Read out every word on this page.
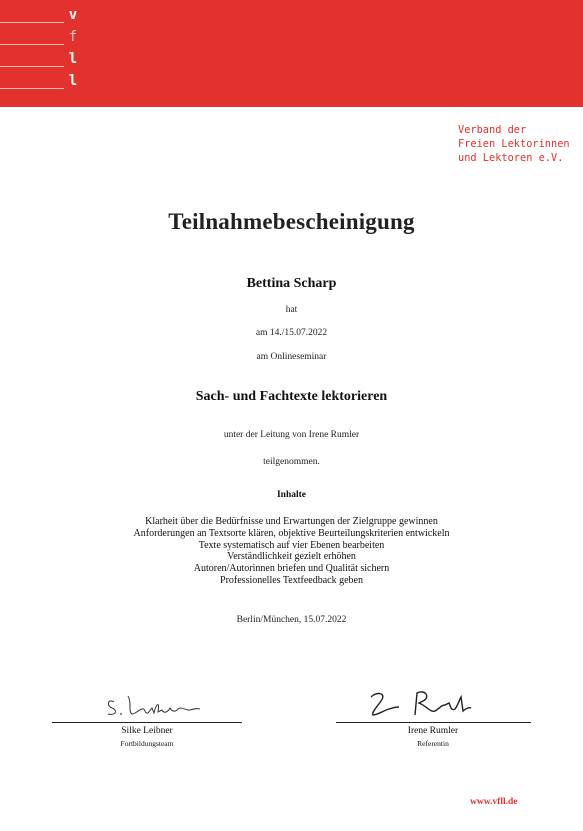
v
f
l
l
Verband der
Freien Lektorinnen
und Lektoren e.V.
Teilnahmebescheinigung
Bettina Scharp
hat
am 14./15.07.2022
am Onlineseminar
Sach- und Fachtexte lektorieren
unter der Leitung von Irene Rumler
teilgenommen.
Inhalte
Klarheit über die Bedürfnisse und Erwartungen der Zielgruppe gewinnen
Anforderungen an Textsorte klären, objektive Beurteilungskriterien entwickeln
Texte systematisch auf vier Ebenen bearbeiten
Verständlichkeit gezielt erhöhen
Autoren/Autorinnen briefen und Qualität sichern
Professionelles Textfeedback geben
Berlin/München, 15.07.2022
Silke Leibner
Fortbildungsteam
Irene Rumler
Referentin
www.vfll.de
